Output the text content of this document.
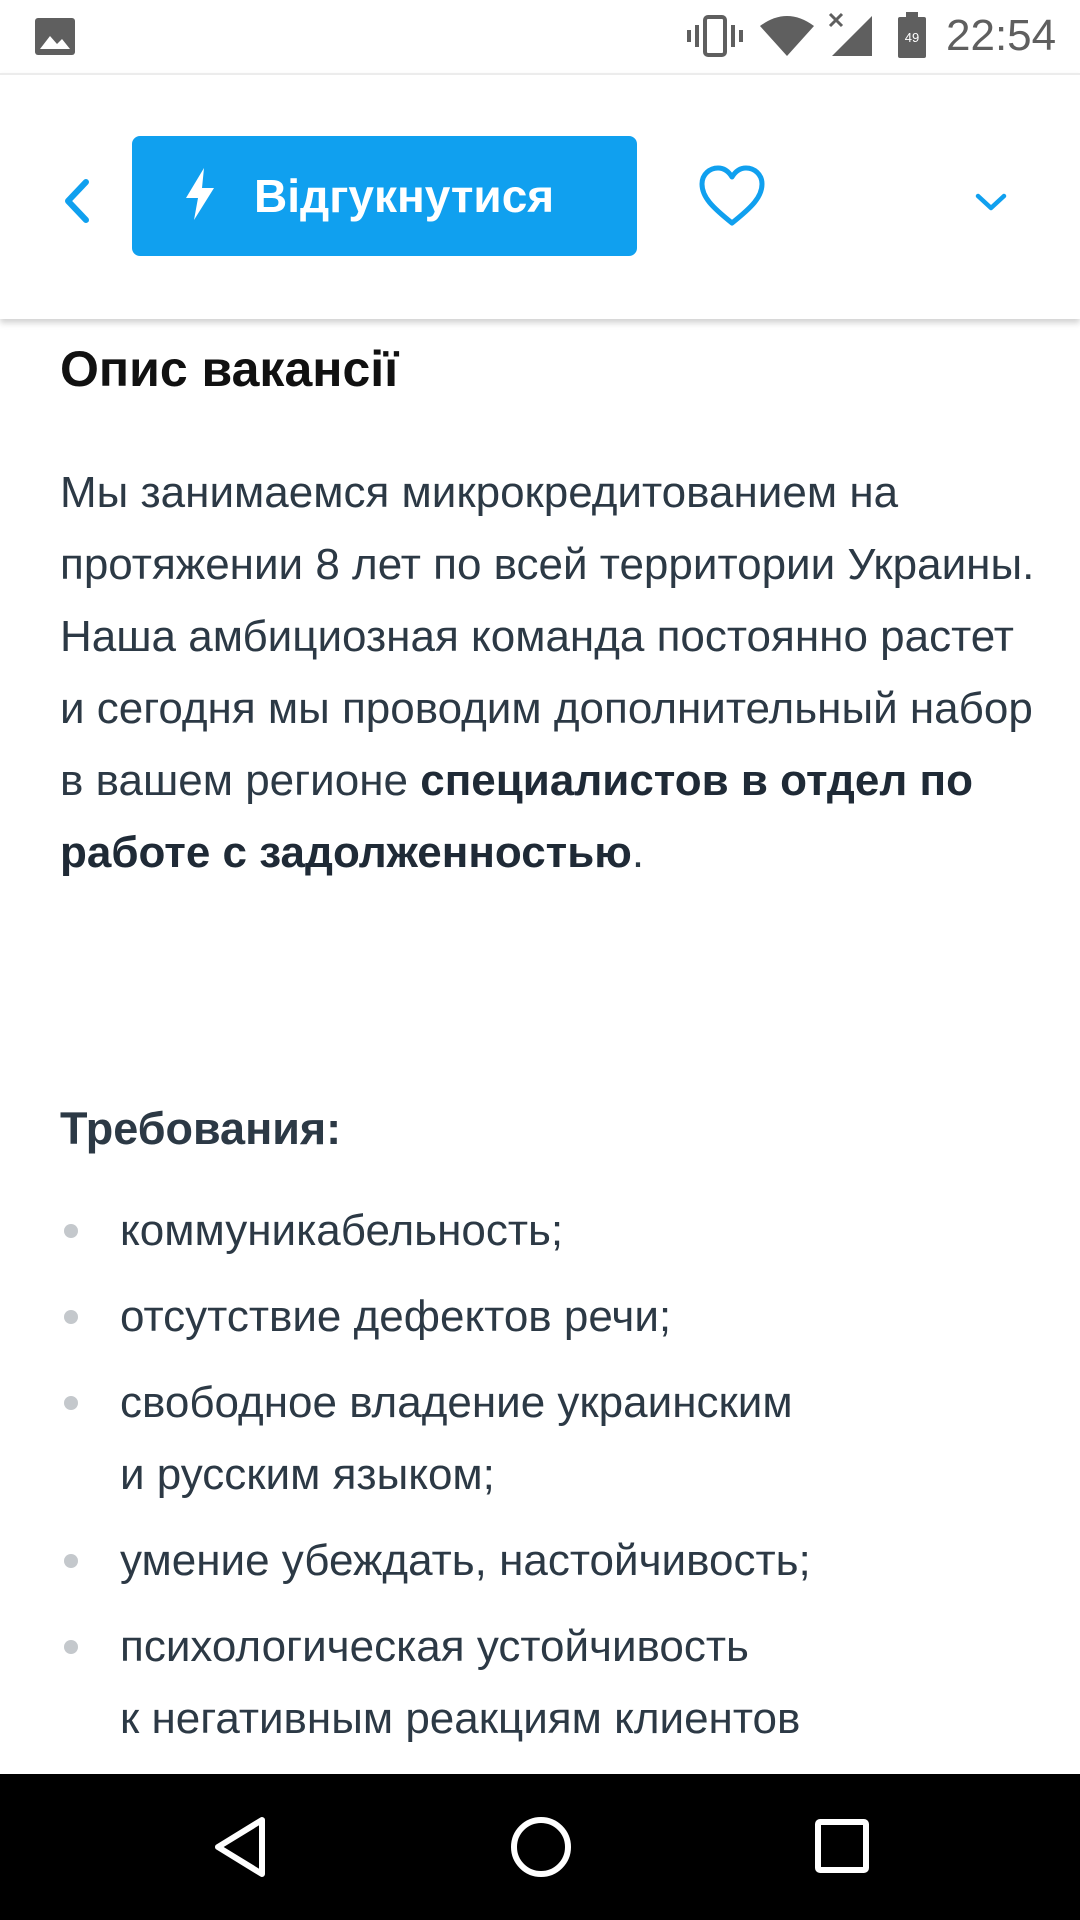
49 22:54
Відгукнутися
Опис вакансії

Мы занимаемся микрокредитованием на протяжении 8 лет по всей территории Украины. Наша амбициозная команда постоянно растет и сегодня мы проводим дополнительный набор в вашем регионе специалистов в отдел по работе с задолженностью.

Требования:
коммуникабельность;
отсутствие дефектов речи;
свободное владение украинским
и русским языком;
умение убеждать, настойчивость;
психологическая устойчивость
к негативным реакциям клиентов
